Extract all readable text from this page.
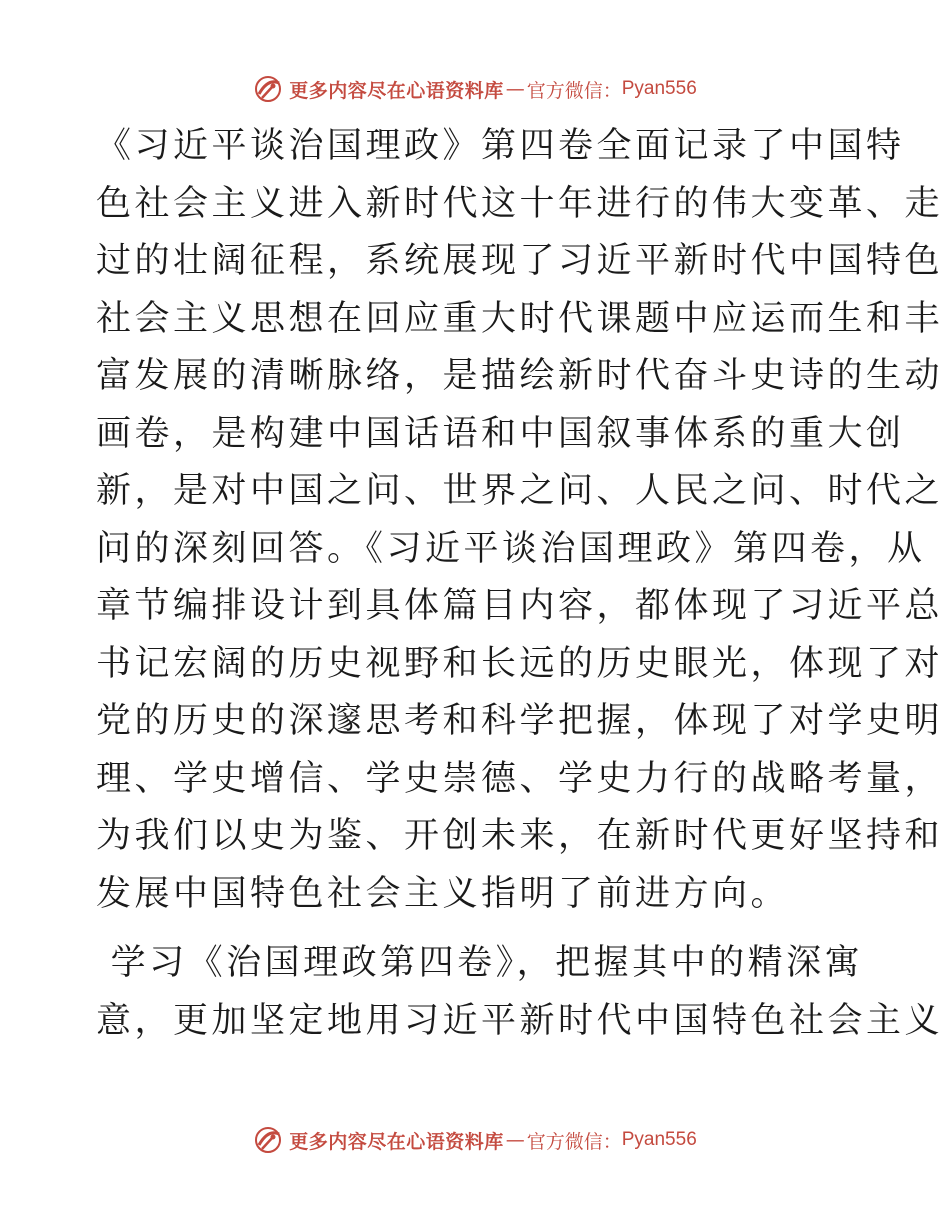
更多内容尽在心语资料库 — 官方微信： Pyan556
《习近平谈治国理政》第四卷全面记录了中国特
色社会主义进入新时代这十年进行的伟大变革、走
过的壮阔征程，系统展现了习近平新时代中国特色
社会主义思想在回应重大时代课题中应运而生和丰
富发展的清晰脉络，是描绘新时代奋斗史诗的生动
画卷，是构建中国话语和中国叙事体系的重大创
新，是对中国之问、世界之问、人民之问、时代之
问的深刻回答。《习近平谈治国理政》第四卷，从
章节编排设计到具体篇目内容，都体现了习近平总
书记宏阔的历史视野和长远的历史眼光，体现了对
党的历史的深邃思考和科学把握，体现了对学史明
理、学史增信、学史崇德、学史力行的战略考量，
为我们以史为鉴、开创未来，在新时代更好坚持和
发展中国特色社会主义指明了前进方向。
学习《治国理政第四卷》，把握其中的精深寓
意，更加坚定地用习近平新时代中国特色社会主义
更多内容尽在心语资料库 — 官方微信： Pyan556
